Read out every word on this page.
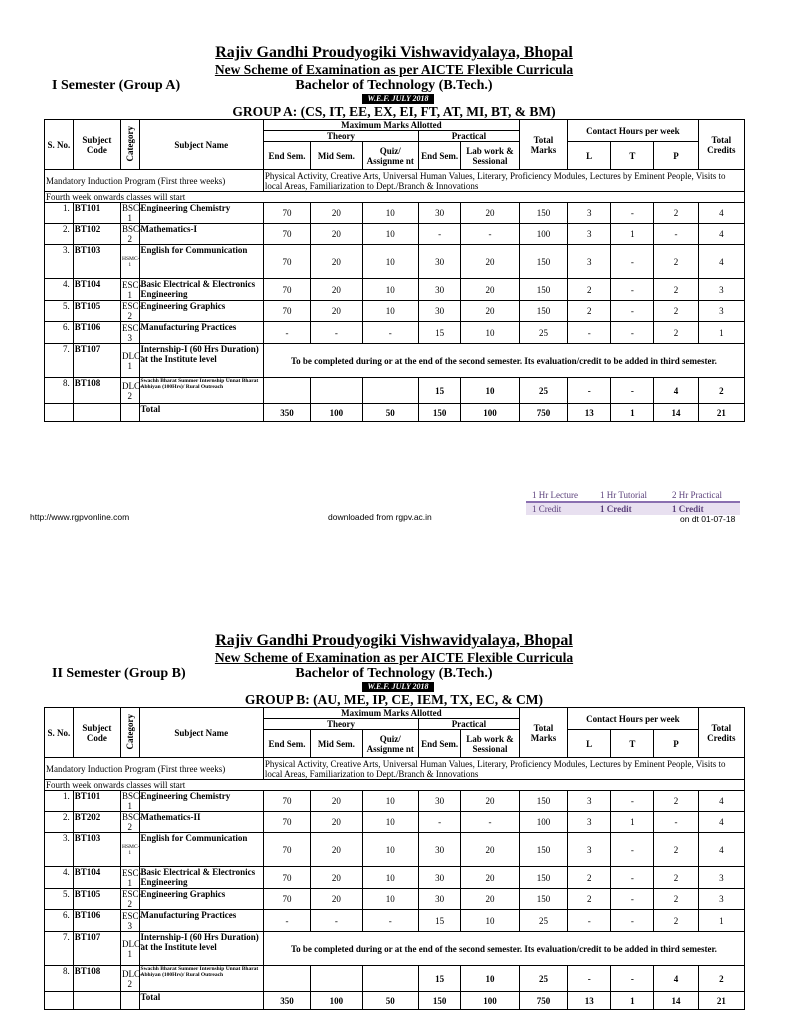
Rajiv Gandhi Proudyogiki Vishwavidyalaya, Bhopal
New Scheme of Examination as per AICTE Flexible Curricula
I Semester (Group A)	Bachelor of Technology (B.Tech.)
W.E.F. JULY 2018
GROUP A: (CS, IT, EE, EX, EI, FT, AT, MI, BT, & BM)
S. No.	Subject Code	Category	Subject Name	Maximum Marks Allotted					Total Marks	Contact Hours per week			Total Credits
				Theory			Practical						
				End Sem.	Mid Sem.	Quiz/ Assignme nt	End Sem.	Lab work & Sessional		L	T	P	
Mandatory Induction Program (First three weeks)				Physical Activity, Creative Arts, Universal Human Values, Literary, Proficiency Modules, Lectures by Eminent People, Visits to local Areas, Familiarization to Dept./Branch & Innovations									
Fourth week onwards classes will start													
1.	BT101	BSC-1	Engineering Chemistry	70	20	10	30	20	150	3	-	2	4
2.	BT102	BSC-2	Mathematics-I	70	20	10	-	-	100	3	1	-	4
3.	BT103	HSMC-1	English for Communication	70	20	10	30	20	150	3	-	2	4
4.	BT104	ESC-1	Basic Electrical & Electronics Engineering	70	20	10	30	20	150	2	-	2	3
5.	BT105	ESC-2	Engineering Graphics	70	20	10	30	20	150	2	-	2	3
6.	BT106	ESC-3	Manufacturing Practices	-	-	-	15	10	25	-	-	2	1
7.	BT107	DLC-1	Internship-I (60 Hrs Duration) at the Institute level	To be completed during or at the end of the second semester. Its evaluation/credit to be added in third semester.									
8.	BT108	DLC-2	Swachh Bharat Summer Internship Unnat Bharat Abhiyan (100Hrs)/ Rural Outreach				15	10	25	-	-	4	2
			Total	350	100	50	150	100	750	13	1	14	21
Rajiv Gandhi Proudyogiki Vishwavidyalaya, Bhopal
New Scheme of Examination as per AICTE Flexible Curricula
II Semester (Group B)	Bachelor of Technology (B.Tech.)
W.E.F. JULY 2018
GROUP B: (AU, ME, IP, CE, IEM, TX, EC, & CM)
S. No.	Subject Code	Category	Subject Name	Maximum Marks Allotted					Total Marks	Contact Hours per week			Total Credits
				Theory			Practical						
				End Sem.	Mid Sem.	Quiz/ Assignme nt	End Sem.	Lab work & Sessional		L	T	P	
Mandatory Induction Program (First three weeks)				Physical Activity, Creative Arts, Universal Human Values, Literary, Proficiency Modules, Lectures by Eminent People, Visits to local Areas, Familiarization to Dept./Branch & Innovations									
Fourth week onwards classes will start													
1.	BT101	BSC-1	Engineering Chemistry	70	20	10	30	20	150	3	-	2	4
2.	BT202	BSC-2	Mathematics-II	70	20	10	-	-	100	3	1	-	4
3.	BT103	HSMC-1	English for Communication	70	20	10	30	20	150	3	-	2	4
4.	BT104	ESC-1	Basic Electrical & Electronics Engineering	70	20	10	30	20	150	2	-	2	3
5.	BT105	ESC-2	Engineering Graphics	70	20	10	30	20	150	2	-	2	3
6.	BT106	ESC-3	Manufacturing Practices	-	-	-	15	10	25	-	-	2	1
7.	BT107	DLC-1	Internship-I (60 Hrs Duration) at the Institute level	To be completed during or at the end of the second semester. Its evaluation/credit to be added in third semester.									
8.	BT108	DLC-2	Swachh Bharat Summer Internship Unnat Bharat Abhiyan (100Hrs)/ Rural Outreach				15	10	25	-	-	4	2
			Total	350	100	50	150	100	750	13	1	14	21
1 Hr Lecture 1 Hr Tutorial	2 Hr Practical
1 Credit	1 Credit	1 Credit
http://www.rgpvonline.com	downloaded from rgpv.ac.in	on dt 01-07-18
